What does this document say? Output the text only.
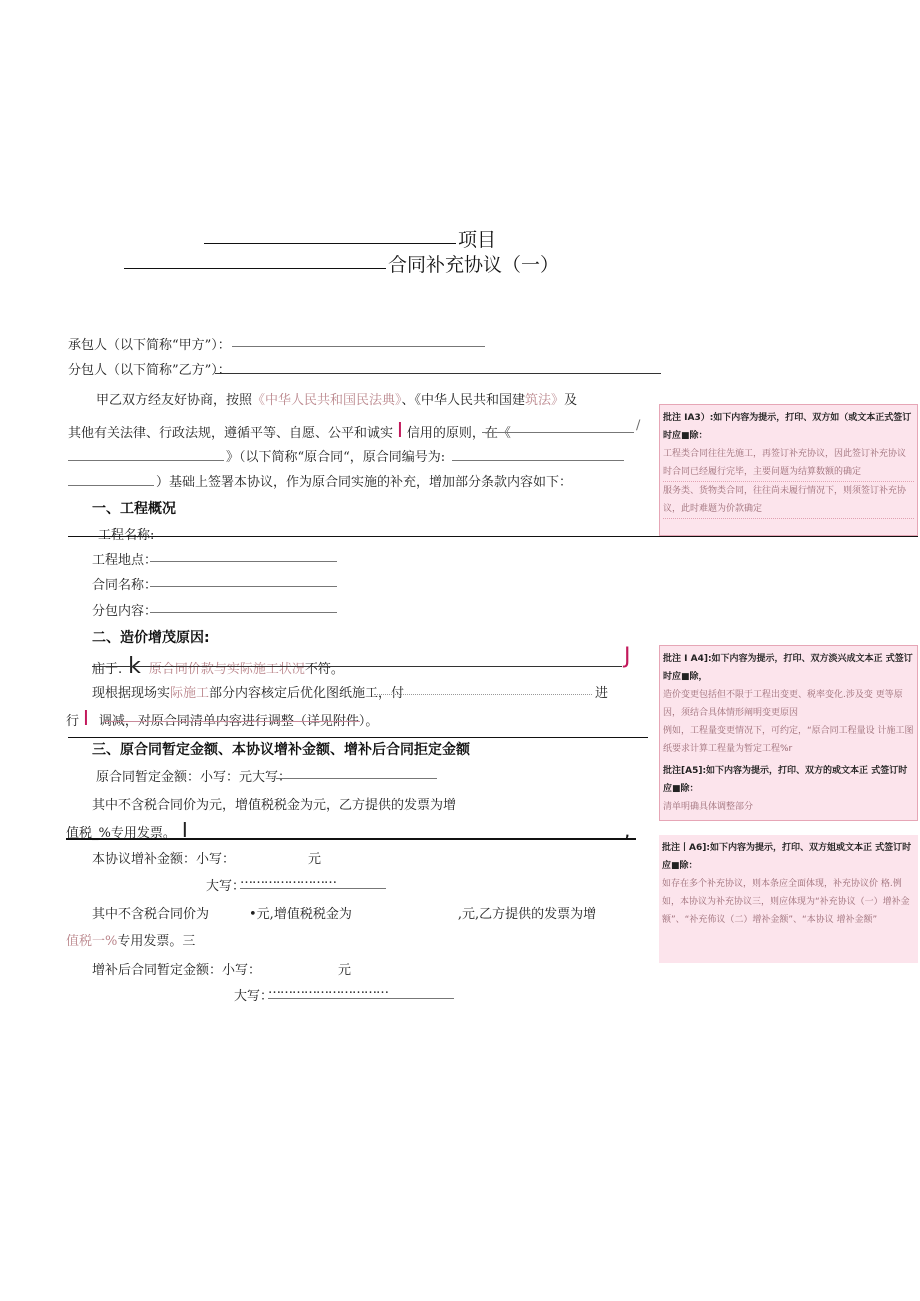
项目
合同补充协议（一）
承包人（以下简称“甲方”）：
分包人（以下简称”乙方”）：
甲乙双方经友好协商，按照《中华人民共和国民法典》、《中华人民共和国建筑法》及
其他有关法律、行政法规，遵循平等、自愿、公平和诚实 I 信用的原则，在《
/
》（以下简称“原合同“，原合同编号为:
）基础上签署本协议，作为原合同实施的补充，增加部分条款内容如下：
一、工程概况
工程名称:
工程地点：
合同名称：
分包内容：
二、造价增茂原因:
庙于. k 原合同价款与实际施工状况不符。
J
现根据现场实际施工部分内容核定后优化图纸施工，付	进
行 I 调减，对原合同清单内容进行调整（详见附件）。
三、原合同暂定金额、本协议增补金额、增补后合同拒定金额
原合同暂定金额：小写：元大写：
其中不含税合同价为元，增值税税金为元，乙方提供的发票为增
值税_%专用发票。 I	,
本协议增补金额：小写：	元
大写：
……………………
其中不含税合同价为	•元,增值税税金为	,元,乙方提供的发票为增
值税一%专用发票。三
增补后合同暂定金额：小写：	元
大写：
…………………………
批注 IA3）:如下内容为提示，打印、双方如（或文本正式签订时应■除：
工程类合同往往先施工，再签订补充协议，因此签订补充协议时合同已经履行完毕，主要问题为结算数额的确定
服务类、货物类合同，往往尚未履行情况下，则须签订补充协议，此时难题为价款确定
批注 I A4]:如下内容为提示，打印、双方淡兴成文本正 式签订时应■除，
造价变更包括但不限于工程出变更、税率变化.涉及变 更等原因，须结合具体情形阐明变更原因
例如，工程量变更情况下，可约定，“原合同工程量设 计施工图纸要求计算工程量为暂定工程%r
批注[A5]:如下内容为提示，打印、双方的或文本正 式签订时应■除：
清单明确具体调整部分
批注丨A6]:如下内容为提示，打印、双方姐或文本正 式签订时应■除：
如存在多个补充协议，则本条应全面体现，补充协议价 格.例如，本协议为补充协议三，则应体现为“补充协议（一）增补金额”、“补充佈议（二）增补金额”、“本协议 增补金额”
